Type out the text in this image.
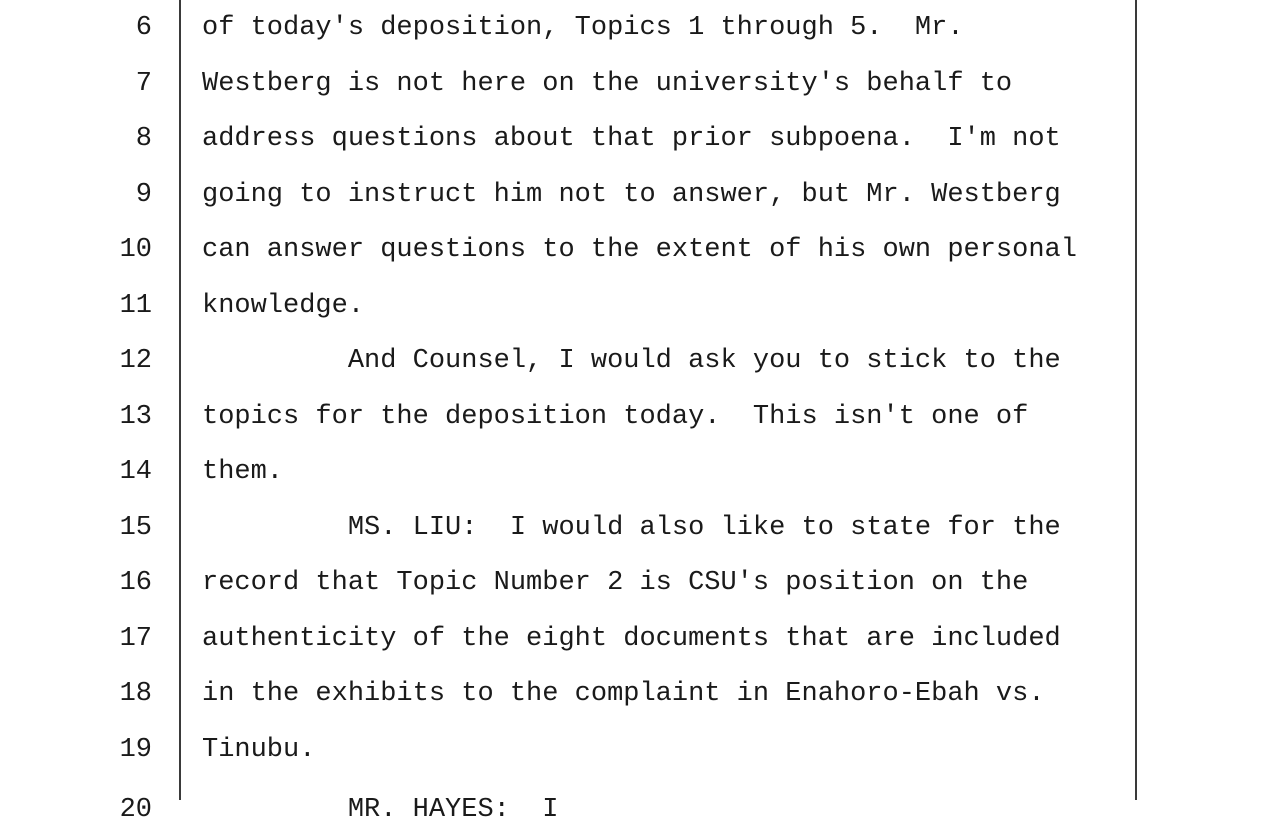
6 of today's deposition, Topics 1 through 5.  Mr.
7 Westberg is not here on the university's behalf to
8 address questions about that prior subpoena.  I'm not
9 going to instruct him not to answer, but Mr. Westberg
10 can answer questions to the extent of his own personal
11 knowledge.
12 And Counsel, I would ask you to stick to the
13 topics for the deposition today.  This isn't one of
14 them.
15 MS. LIU:  I would also like to state for the
16 record that Topic Number 2 is CSU's position on the
17 authenticity of the eight documents that are included
18 in the exhibits to the complaint in Enahoro-Ebah vs.
19 Tinubu.
20 MR. HAYES:  I
